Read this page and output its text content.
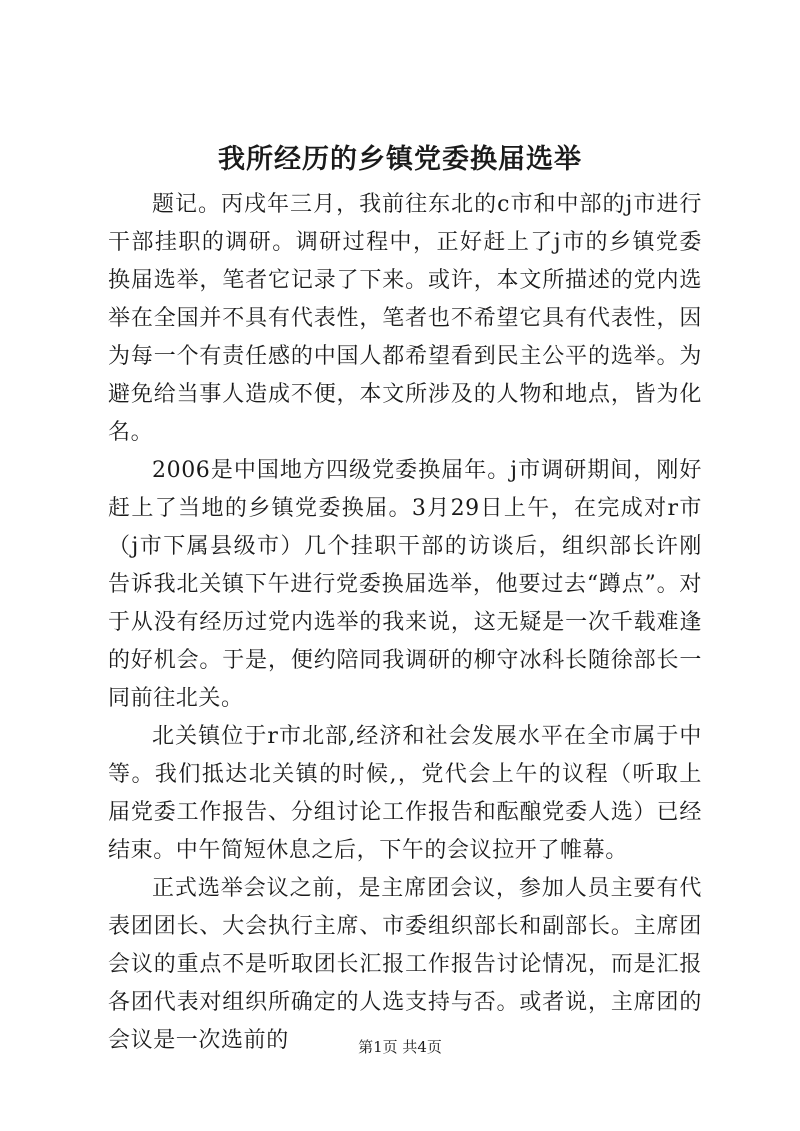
我所经历的乡镇党委换届选举

题记。丙戌年三月，我前往东北的c市和中部的j市进行干部挂职的调研。调研过程中，正好赶上了j市的乡镇党委换届选举，笔者它记录了下来。或许，本文所描述的党内选举在全国并不具有代表性，笔者也不希望它具有代表性，因为每一个有责任感的中国人都希望看到民主公平的选举。为避免给当事人造成不便，本文所涉及的人物和地点，皆为化名。

2006是中国地方四级党委换届年。j市调研期间，刚好赶上了当地的乡镇党委换届。3月29日上午，在完成对r市（j市下属县级市）几个挂职干部的访谈后，组织部长许刚告诉我北关镇下午进行党委换届选举，他要过去“蹲点”。对于从没有经历过党内选举的我来说，这无疑是一次千载难逢的好机会。于是，便约陪同我调研的柳守冰科长随徐部长一同前往北关。

北关镇位于r市北部,经济和社会发展水平在全市属于中等。我们抵达北关镇的时候,，党代会上午的议程（听取上届党委工作报告、分组讨论工作报告和酝酿党委人选）已经结束。中午简短休息之后，下午的会议拉开了帷幕。

正式选举会议之前，是主席团会议，参加人员主要有代表团团长、大会执行主席、市委组织部长和副部长。主席团会议的重点不是听取团长汇报工作报告讨论情况，而是汇报各团代表对组织所确定的人选支持与否。或者说，主席团的会议是一次选前的	第1页 共4页
